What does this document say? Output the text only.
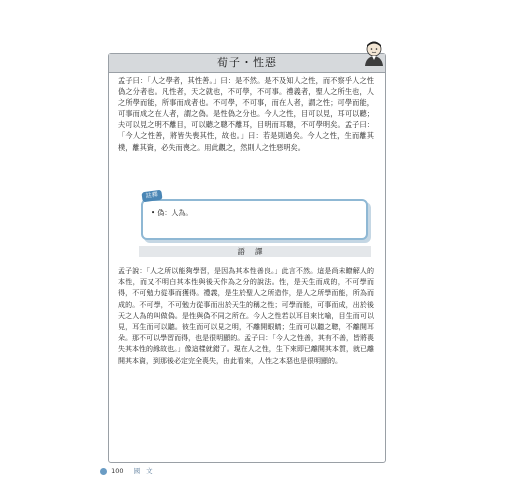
荀子・性惡

孟子曰：「人之學者，其性善。」曰：是不然。是不及知人之性，而不察乎人之性偽之分者也。凡性者，天之就也，不可學，不可事。禮義者，聖人之所生也，人之所學而能，所事而成者也。不可學，不可事，而在人者，謂之性；可學而能，可事而成之在人者，謂之偽。是性偽之分也。今人之性，目可以見，耳可以聽；夫可以見之明不離目，可以聽之聰不離耳，目明而耳聰，不可學明矣。孟子曰：「今人之性善，將皆失喪其性，故也。」曰：若是則過矣。今人之性，生而離其樸，離其資，必失而喪之。用此觀之，然則人之性惡明矣。

註釋
• 偽：人為。
語譯

孟子說：「人之所以能夠學習，是因為其本性善良。」此言不然。這是尚未瞭解人的本性，而又不明白其本性與後天作為之分的說法。性，是天生而成的，不可學而得，不可勉力從事而獲得。禮義，是生於聖人之所造作，是人之所學而能，所為而成的。不可學，不可勉力從事而出於天生的稱之性；可學而能，可事而成，出於後天之人為的叫做偽。是性與偽不同之所在。今人之性若以耳目來比喻，目生而可以見，耳生而可以聽。彼生而可以見之明，不離開眼睛；生而可以聽之聰，不離開耳朵。那不可以學習而得，也是很明顯的。孟子曰：「今人之性善，其有不善，皆將喪失其本性的緣故也。」像這樣就錯了。現在人之性，生下來即已離開其本質，就已離開其本資，到那後必定完全喪失，由此看來，人性之本惡也是很明顯的。

100 國文
